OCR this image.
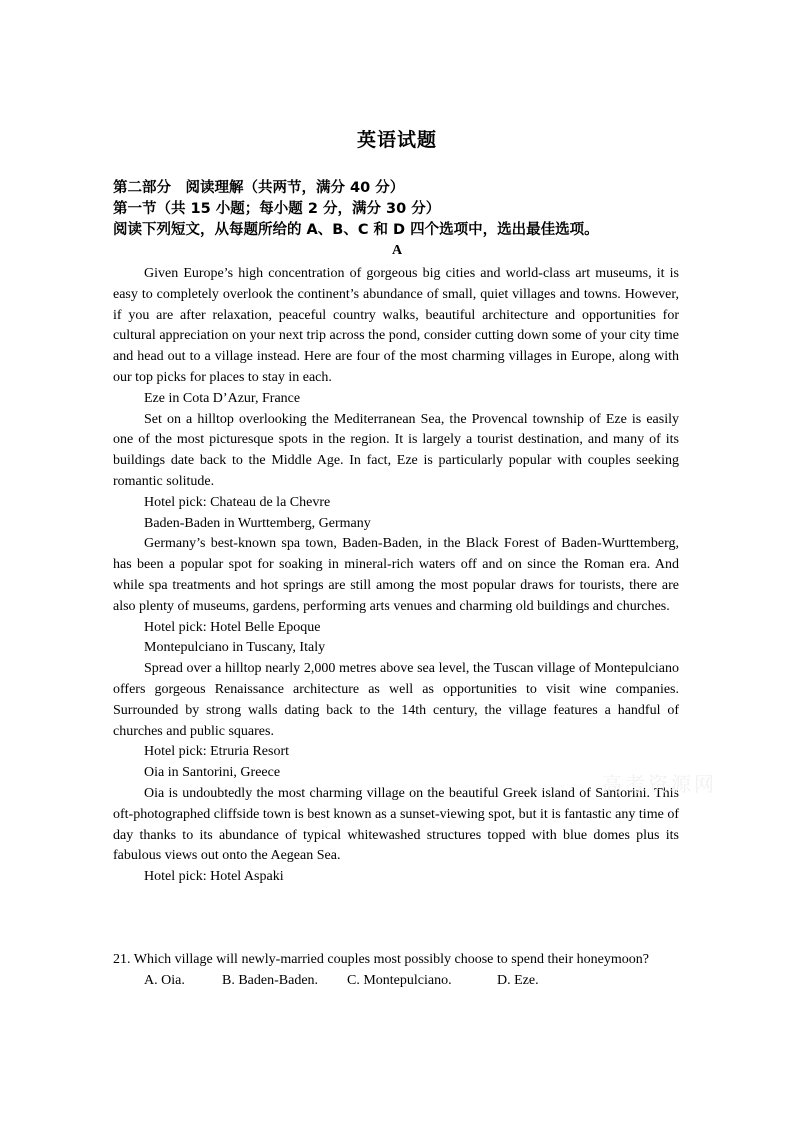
英语试题
第二部分　阅读理解（共两节，满分 40 分）
第一节（共 15 小题；每小题 2 分，满分 30 分）
阅读下列短文，从每题所给的 A、B、C 和 D 四个选项中，选出最佳选项。
A

Given Europe’s high concentration of gorgeous big cities and world-class art museums, it is easy to completely overlook the continent’s abundance of small, quiet villages and towns. However, if you are after relaxation, peaceful country walks, beautiful architecture and opportunities for cultural appreciation on your next trip across the pond, consider cutting down some of your city time and head out to a village instead. Here are four of the most charming villages in Europe, along with our top picks for places to stay in each.

Eze in Cota D’Azur, France

Set on a hilltop overlooking the Mediterranean Sea, the Provencal township of Eze is easily one of the most picturesque spots in the region. It is largely a tourist destination, and many of its buildings date back to the Middle Age. In fact, Eze is particularly popular with couples seeking romantic solitude.

Hotel pick: Chateau de la Chevre

Baden-Baden in Wurttemberg, Germany

Germany’s best-known spa town, Baden-Baden, in the Black Forest of Baden-Wurttemberg, has been a popular spot for soaking in mineral-rich waters off and on since the Roman era. And while spa treatments and hot springs are still among the most popular draws for tourists, there are also plenty of museums, gardens, performing arts venues and charming old buildings and churches.

Hotel pick: Hotel Belle Epoque

Montepulciano in Tuscany, Italy

Spread over a hilltop nearly 2,000 metres above sea level, the Tuscan village of Montepulciano offers gorgeous Renaissance architecture as well as opportunities to visit wine companies. Surrounded by strong walls dating back to the 14th century, the village features a handful of churches and public squares.

Hotel pick: Etruria Resort

Oia in Santorini, Greece

Oia is undoubtedly the most charming village on the beautiful Greek island of Santorini. This oft-photographed cliffside town is best known as a sunset-viewing spot, but it is fantastic any time of day thanks to its abundance of typical whitewashed structures topped with blue domes plus its fabulous views out onto the Aegean Sea.

Hotel pick: Hotel Aspaki

21. Which village will newly-married couples most possibly choose to spend their honeymoon?

A. Oia.	B. Baden-Baden. C. Montepulciano.	D. Eze.

高考资源网
